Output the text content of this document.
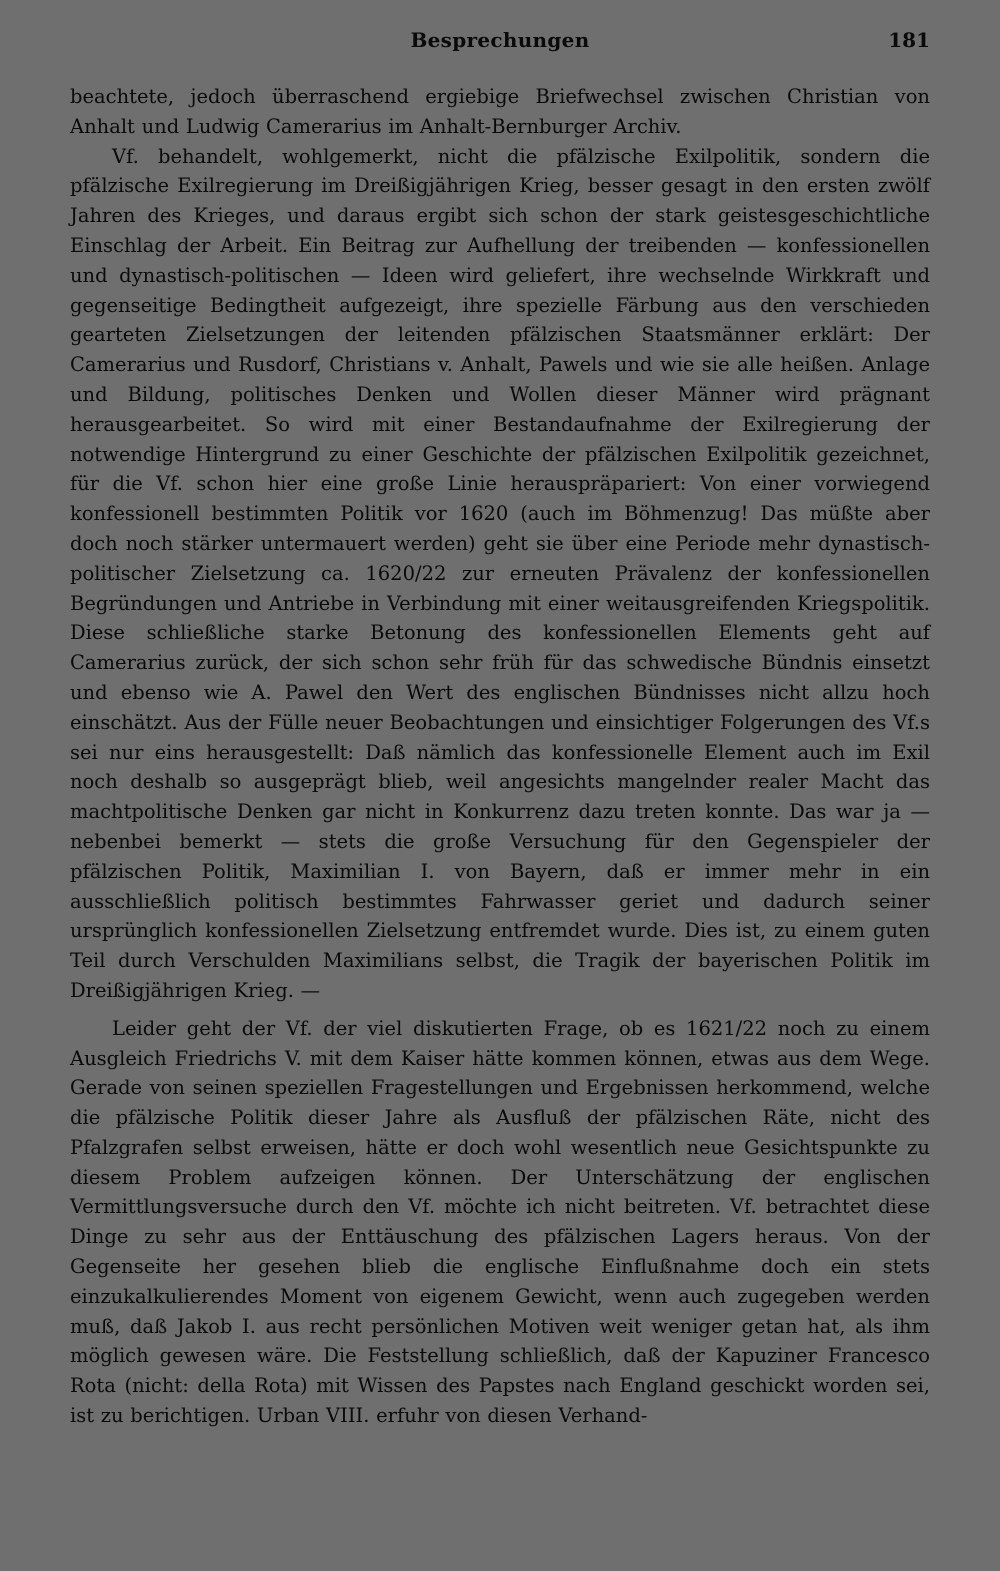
Besprechungen	181

beachtete, jedoch überraschend ergiebige Briefwechsel zwischen Christian von Anhalt und Ludwig Camerarius im Anhalt-Bernburger Archiv.

Vf. behandelt, wohlgemerkt, nicht die pfälzische Exilpolitik, sondern die pfälzische Exilregierung im Dreißigjährigen Krieg, besser gesagt in den ersten zwölf Jahren des Krieges, und daraus ergibt sich schon der stark geistesgeschichtliche Einschlag der Arbeit. Ein Beitrag zur Aufhellung der treibenden — konfessionellen und dynastisch-politischen — Ideen wird geliefert, ihre wechselnde Wirkkraft und gegenseitige Bedingtheit aufgezeigt, ihre spezielle Färbung aus den verschieden gearteten Zielsetzungen der leitenden pfälzischen Staatsmänner erklärt: Der Camerarius und Rusdorf, Christians v. Anhalt, Pawels und wie sie alle heißen. Anlage und Bildung, politisches Denken und Wollen dieser Männer wird prägnant herausgearbeitet. So wird mit einer Bestandaufnahme der Exilregierung der notwendige Hintergrund zu einer Geschichte der pfälzischen Exilpolitik gezeichnet, für die Vf. schon hier eine große Linie herauspräpariert: Von einer vorwiegend konfessionell bestimmten Politik vor 1620 (auch im Böhmenzug! Das müßte aber doch noch stärker untermauert werden) geht sie über eine Periode mehr dynastisch-politischer Zielsetzung ca. 1620/22 zur erneuten Prävalenz der konfessionellen Begründungen und Antriebe in Verbindung mit einer weitausgreifenden Kriegspolitik. Diese schließliche starke Betonung des konfessionellen Elements geht auf Camerarius zurück, der sich schon sehr früh für das schwedische Bündnis einsetzt und ebenso wie A. Pawel den Wert des englischen Bündnisses nicht allzu hoch einschätzt. Aus der Fülle neuer Beobachtungen und einsichtiger Folgerungen des Vf.s sei nur eins herausgestellt: Daß nämlich das konfessionelle Element auch im Exil noch deshalb so ausgeprägt blieb, weil angesichts mangelnder realer Macht das machtpolitische Denken gar nicht in Konkurrenz dazu treten konnte. Das war ja — nebenbei bemerkt — stets die große Versuchung für den Gegenspieler der pfälzischen Politik, Maximilian I. von Bayern, daß er immer mehr in ein ausschließlich politisch bestimmtes Fahrwasser geriet und dadurch seiner ursprünglich konfessionellen Zielsetzung entfremdet wurde. Dies ist, zu einem guten Teil durch Verschulden Maximilians selbst, die Tragik der bayerischen Politik im Dreißigjährigen Krieg. —

Leider geht der Vf. der viel diskutierten Frage, ob es 1621/22 noch zu einem Ausgleich Friedrichs V. mit dem Kaiser hätte kommen können, etwas aus dem Wege. Gerade von seinen speziellen Fragestellungen und Ergebnissen herkommend, welche die pfälzische Politik dieser Jahre als Ausfluß der pfälzischen Räte, nicht des Pfalzgrafen selbst erweisen, hätte er doch wohl wesentlich neue Gesichtspunkte zu diesem Problem aufzeigen können. Der Unterschätzung der englischen Vermittlungsversuche durch den Vf. möchte ich nicht beitreten. Vf. betrachtet diese Dinge zu sehr aus der Enttäuschung des pfälzischen Lagers heraus. Von der Gegenseite her gesehen blieb die englische Einflußnahme doch ein stets einzukalkulierendes Moment von eigenem Gewicht, wenn auch zugegeben werden muß, daß Jakob I. aus recht persönlichen Motiven weit weniger getan hat, als ihm möglich gewesen wäre. Die Feststellung schließlich, daß der Kapuziner Francesco Rota (nicht: della Rota) mit Wissen des Papstes nach England geschickt worden sei, ist zu berichtigen. Urban VIII. erfuhr von diesen Verhand-
